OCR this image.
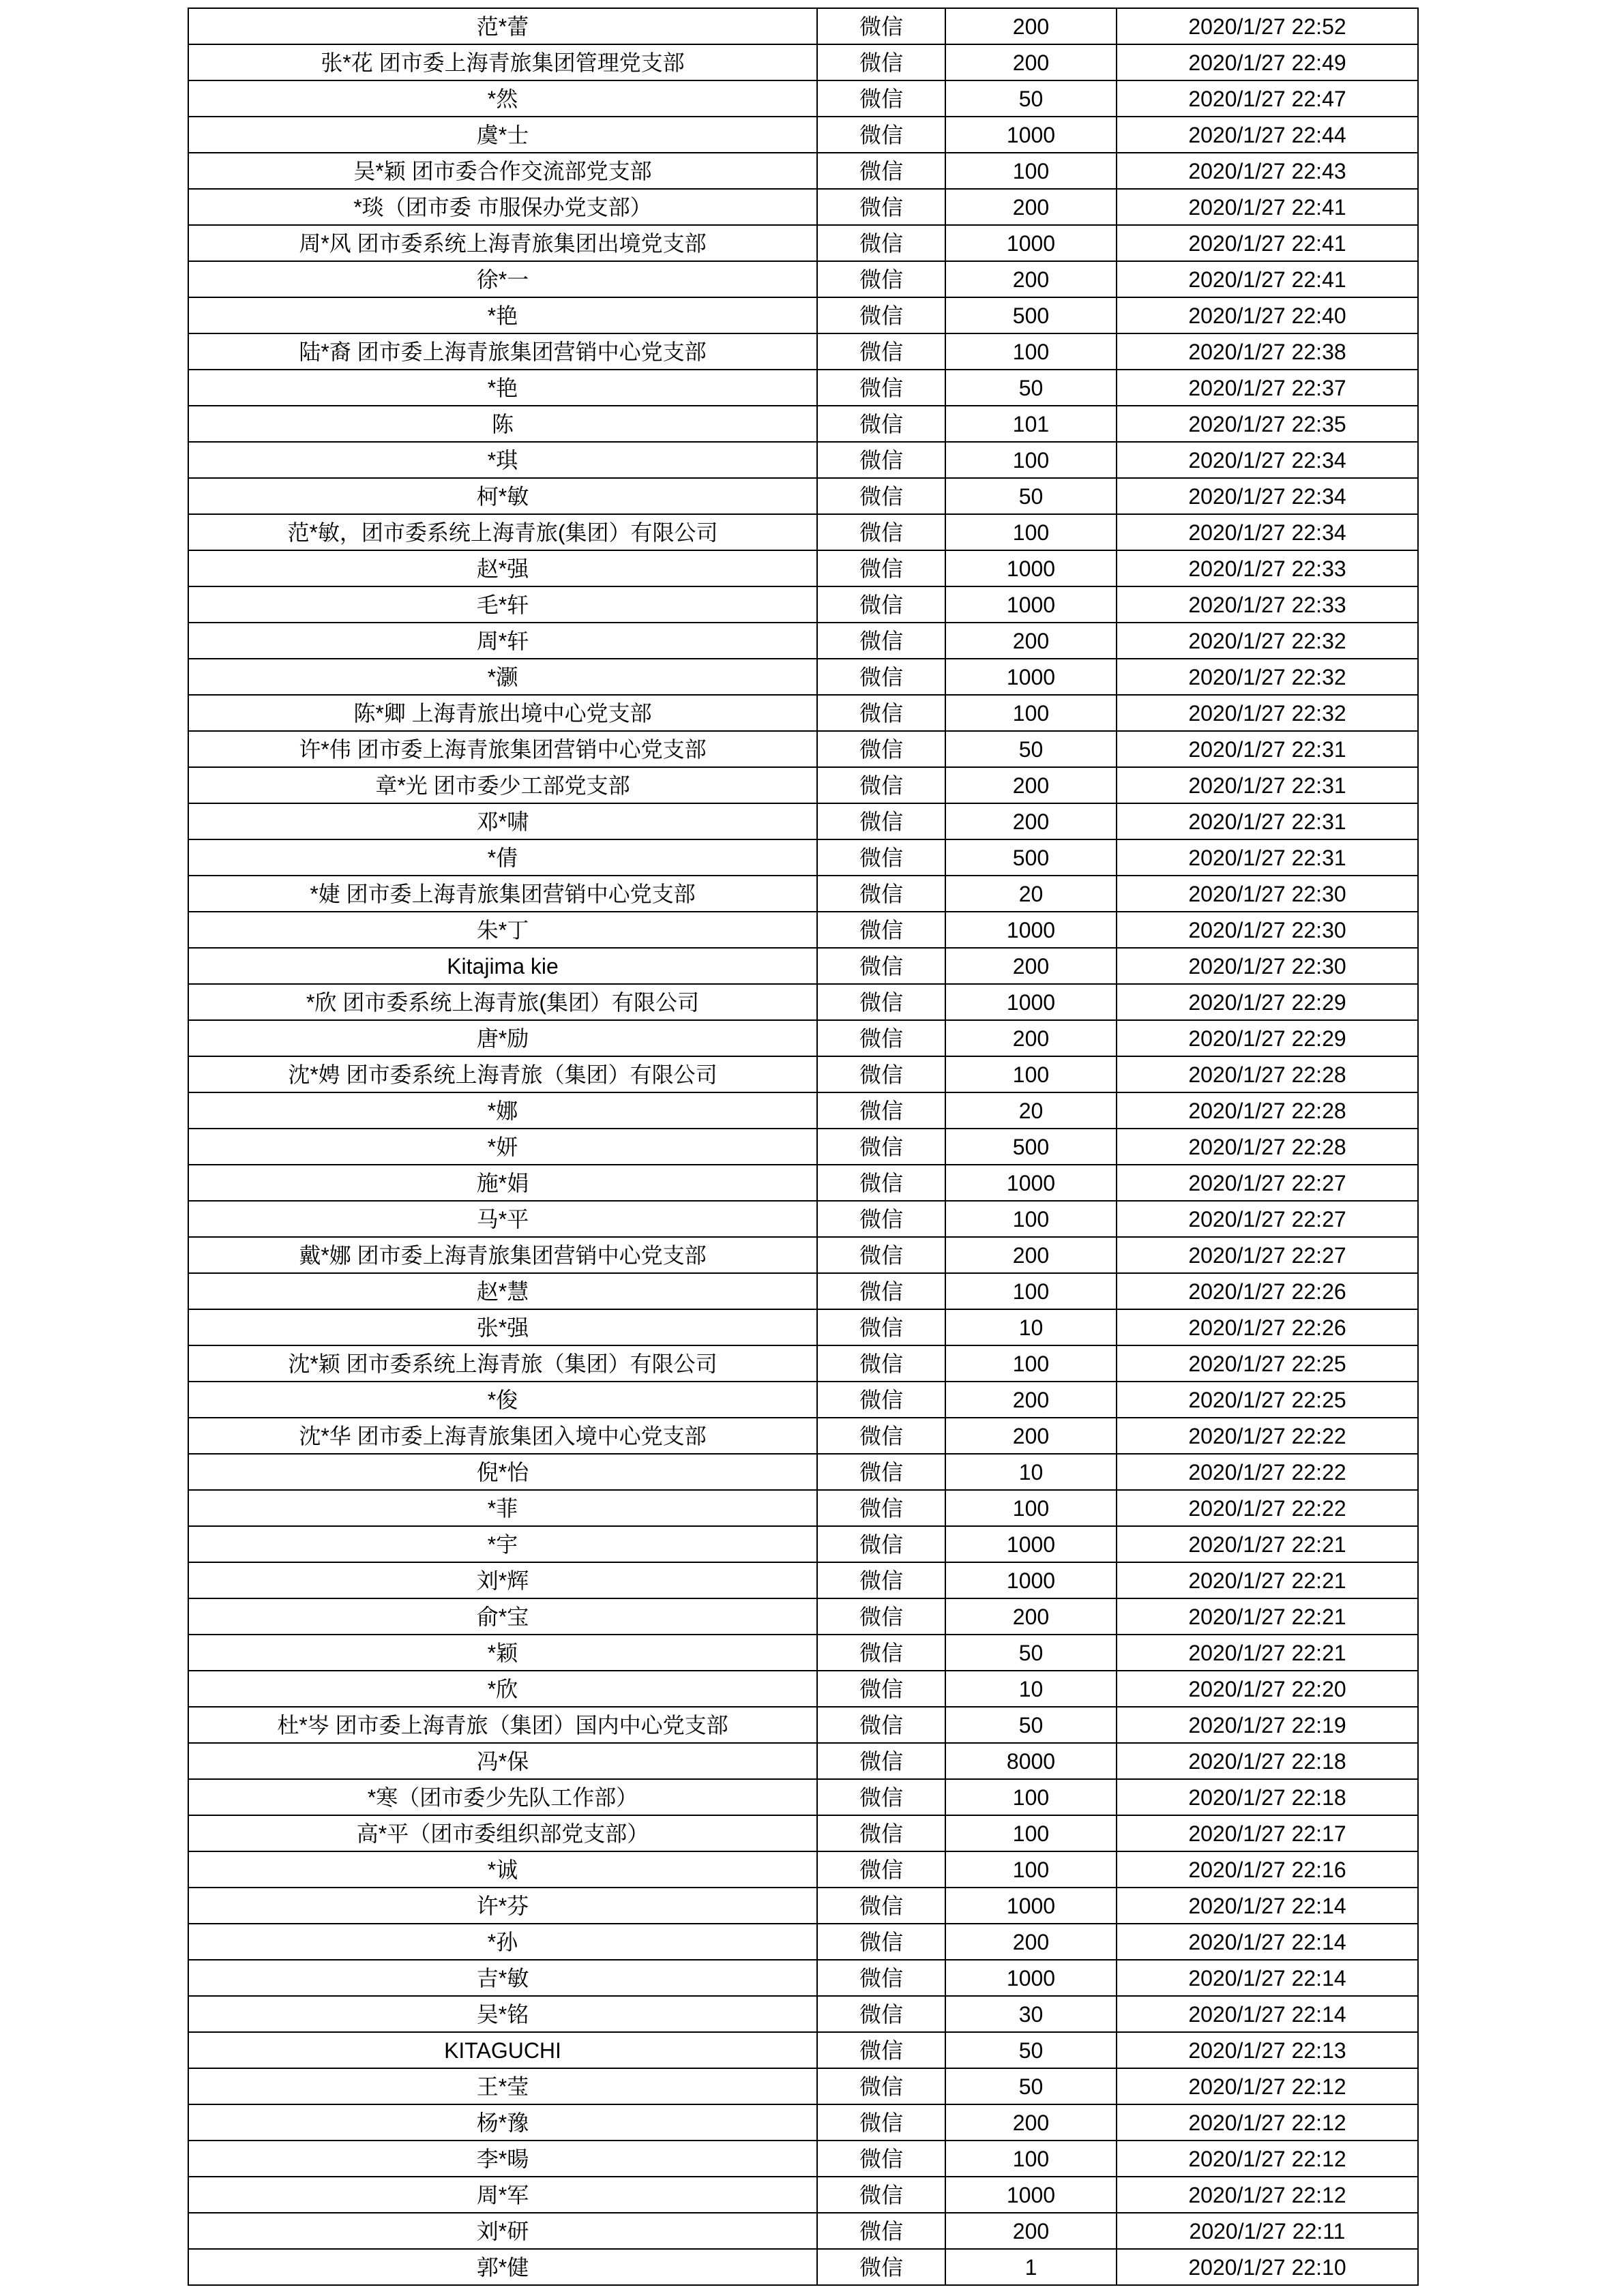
范*蕾	微信	200	2020/1/27 22:52
张*花 团市委上海青旅集团管理党支部	微信	200	2020/1/27 22:49
*然	微信	50	2020/1/27 22:47
虞*士	微信	1000	2020/1/27 22:44
吴*颖 团市委合作交流部党支部	微信	100	2020/1/27 22:43
*琰（团市委 市服保办党支部）	微信	200	2020/1/27 22:41
周*风 团市委系统上海青旅集团出境党支部	微信	1000	2020/1/27 22:41
徐*一	微信	200	2020/1/27 22:41
*艳	微信	500	2020/1/27 22:40
陆*裔 团市委上海青旅集团营销中心党支部	微信	100	2020/1/27 22:38
*艳	微信	50	2020/1/27 22:37
陈	微信	101	2020/1/27 22:35
*琪	微信	100	2020/1/27 22:34
柯*敏	微信	50	2020/1/27 22:34
范*敏，团市委系统上海青旅(集团）有限公司	微信	100	2020/1/27 22:34
赵*强	微信	1000	2020/1/27 22:33
毛*轩	微信	1000	2020/1/27 22:33
周*轩	微信	200	2020/1/27 22:32
*灏	微信	1000	2020/1/27 22:32
陈*卿 上海青旅出境中心党支部	微信	100	2020/1/27 22:32
许*伟 团市委上海青旅集团营销中心党支部	微信	50	2020/1/27 22:31
章*光 团市委少工部党支部	微信	200	2020/1/27 22:31
邓*啸	微信	200	2020/1/27 22:31
*倩	微信	500	2020/1/27 22:31
*婕 团市委上海青旅集团营销中心党支部	微信	20	2020/1/27 22:30
朱*丁	微信	1000	2020/1/27 22:30
Kitajima kie	微信	200	2020/1/27 22:30
*欣 团市委系统上海青旅(集团）有限公司	微信	1000	2020/1/27 22:29
唐*励	微信	200	2020/1/27 22:29
沈*娉 团市委系统上海青旅（集团）有限公司	微信	100	2020/1/27 22:28
*娜	微信	20	2020/1/27 22:28
*妍	微信	500	2020/1/27 22:28
施*娟	微信	1000	2020/1/27 22:27
马*平	微信	100	2020/1/27 22:27
戴*娜 团市委上海青旅集团营销中心党支部	微信	200	2020/1/27 22:27
赵*慧	微信	100	2020/1/27 22:26
张*强	微信	10	2020/1/27 22:26
沈*颖 团市委系统上海青旅（集团）有限公司	微信	100	2020/1/27 22:25
*俊	微信	200	2020/1/27 22:25
沈*华 团市委上海青旅集团入境中心党支部	微信	200	2020/1/27 22:22
倪*怡	微信	10	2020/1/27 22:22
*菲	微信	100	2020/1/27 22:22
*宇	微信	1000	2020/1/27 22:21
刘*辉	微信	1000	2020/1/27 22:21
俞*宝	微信	200	2020/1/27 22:21
*颖	微信	50	2020/1/27 22:21
*欣	微信	10	2020/1/27 22:20
杜*岑 团市委上海青旅（集团）国内中心党支部	微信	50	2020/1/27 22:19
冯*保	微信	8000	2020/1/27 22:18
*寒（团市委少先队工作部）	微信	100	2020/1/27 22:18
高*平（团市委组织部党支部）	微信	100	2020/1/27 22:17
*诚	微信	100	2020/1/27 22:16
许*芬	微信	1000	2020/1/27 22:14
*孙	微信	200	2020/1/27 22:14
吉*敏	微信	1000	2020/1/27 22:14
吴*铭	微信	30	2020/1/27 22:14
KITAGUCHI	微信	50	2020/1/27 22:13
王*莹	微信	50	2020/1/27 22:12
杨*豫	微信	200	2020/1/27 22:12
李*暘	微信	100	2020/1/27 22:12
周*军	微信	1000	2020/1/27 22:12
刘*研	微信	200	2020/1/27 22:11
郭*健	微信	1	2020/1/27 22:10
